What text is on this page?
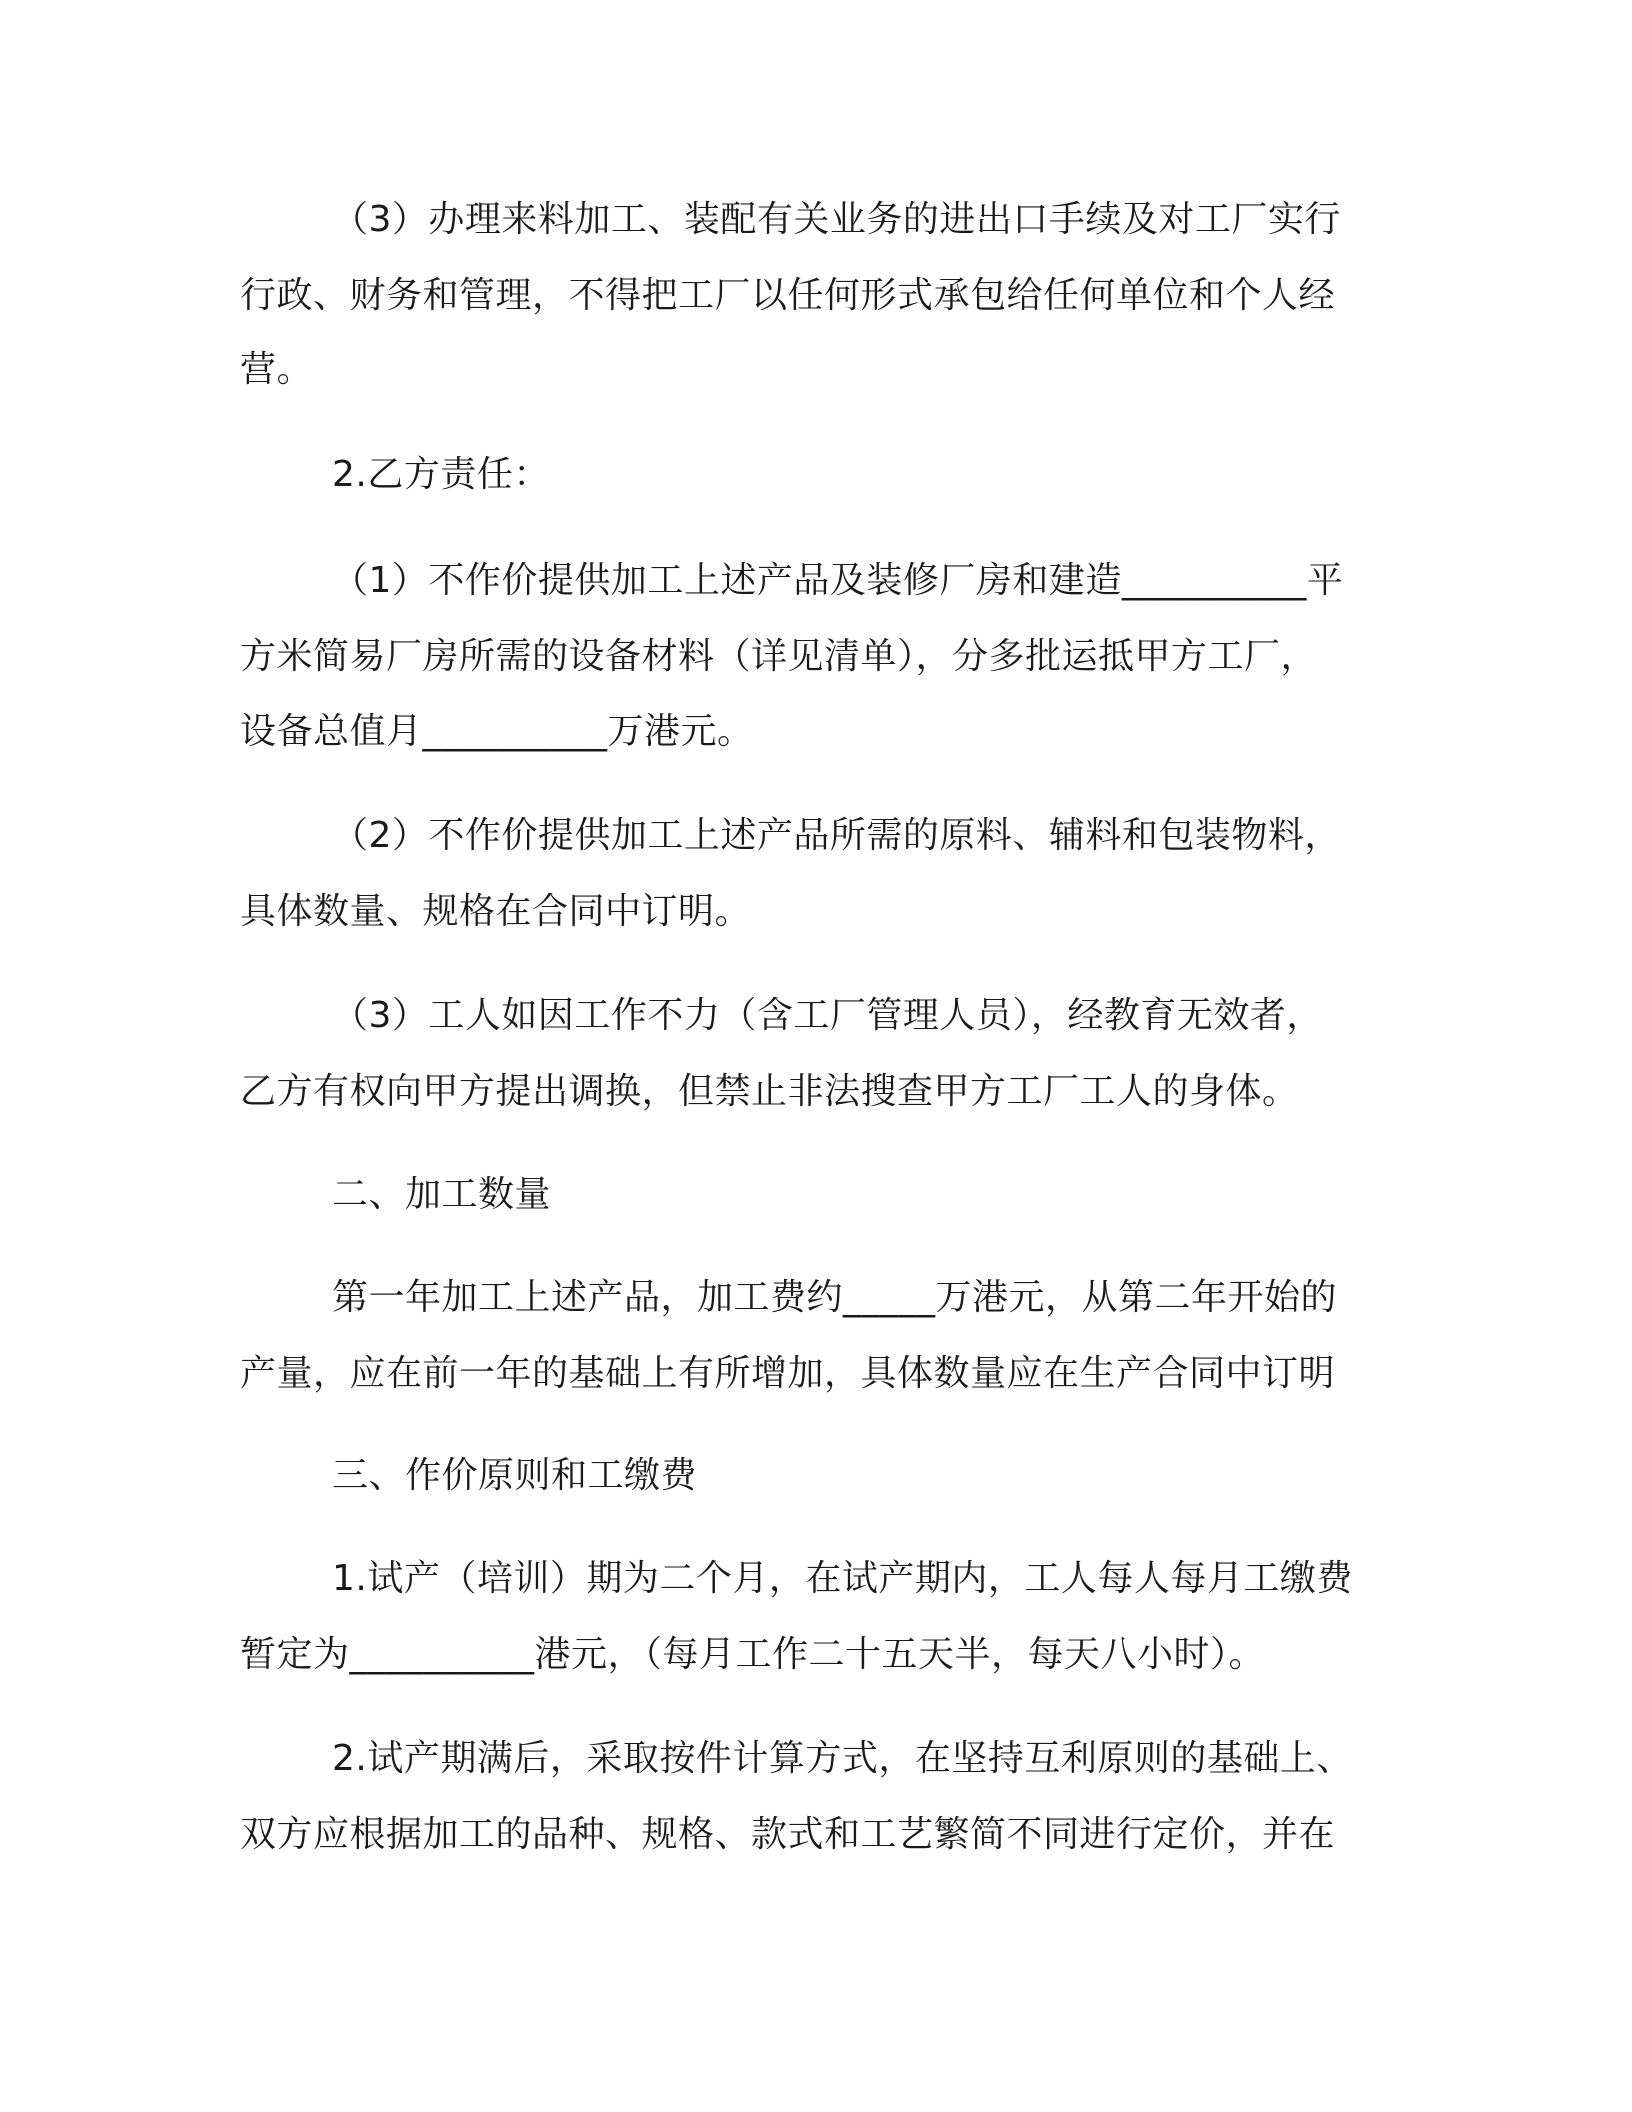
（3）办理来料加工、装配有关业务的进出口手续及对工厂实行
行政、财务和管理，不得把工厂以任何形式承包给任何单位和个人经
营。
2.乙方责任：
（1）不作价提供加工上述产品及装修厂房和建造__________平
方米简易厂房所需的设备材料（详见清单），分多批运抵甲方工厂，
设备总值月__________万港元。
（2）不作价提供加工上述产品所需的原料、辅料和包装物料，
具体数量、规格在合同中订明。
（3）工人如因工作不力（含工厂管理人员），经教育无效者，
乙方有权向甲方提出调换，但禁止非法搜查甲方工厂工人的身体。
二、加工数量
第一年加工上述产品，加工费约_____万港元，从第二年开始的
产量，应在前一年的基础上有所增加，具体数量应在生产合同中订明
三、作价原则和工缴费
1.试产（培训）期为二个月，在试产期内，工人每人每月工缴费
暂定为__________港元，（每月工作二十五天半，每天八小时）。
2.试产期满后，采取按件计算方式，在坚持互利原则的基础上、
双方应根据加工的品种、规格、款式和工艺繁简不同进行定价，并在
